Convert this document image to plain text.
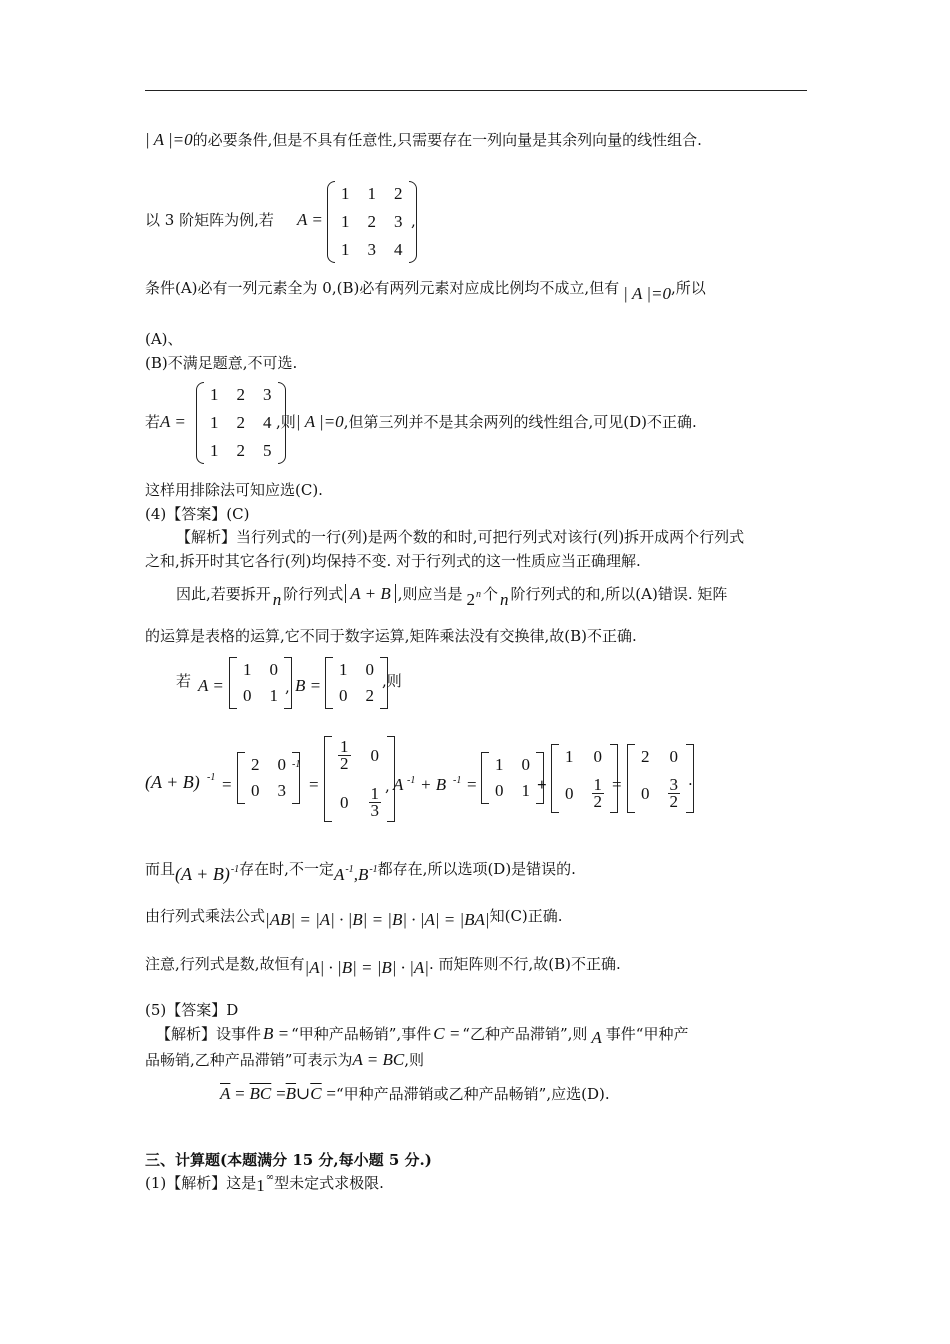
| A |=0的必要条件,但是不具有任意性,只需要存在一列向量是其余列向量的线性组合.
以 3 阶矩阵为例,若 A =
1 1 2
1 2 3
1 3 4
,
条件(A)必有一列元素全为 0,(B)必有两列元素对应成比例均不成立,但有 | A |=0,所以
(A)、
(B)不满足题意,不可选.
若A =
1 2 3
1 2 4
1 2 5
,则| A |=0,但第三列并不是其余两列的线性组合,可见(D)不正确.
这样用排除法可知应选(C).
(4)【答案】(C)
【解析】当行列式的一行(列)是两个数的和时,可把行列式对该行(列)拆开成两个行列式
之和,拆开时其它各行(列)均保持不变. 对于行列式的这一性质应当正确理解.
因此,若要拆开 n 阶行列式 A + B ,则应当是 2n 个 n 阶行列式的和,所以(A)错误. 矩阵
的运算是表格的运算,它不同于数字运算,矩阵乘法没有交换律,故(B)不正确.
若 A =
1 0
0 1 , B =
1 0
0 2
,则
(A + B) -1 =
2 0
0 3
-1
=
$\frac{1}{2} 0$
$0 \frac{1}{3}$ , A -1 + B -1 =
1 0
0 1 +
1 0
$0 \frac{1}{2}$ =
2 0
$0 \frac{3}{2}$ .
而且(A + B)-1存在时,不一定A-1,B-1都存在,所以选项(D)是错误的.
由行列式乘法公式|AB| = |A| · |B| = |B| · |A| = |BA|知(C)正确.
注意,行列式是数,故恒有|A| · |B| = |B| · |A|. 而矩阵则不行,故(B)不正确.
(5)【答案】D
【解析】设事件 B = “甲种产品畅销”,事件 C = “乙种产品滞销”,则 A 事件“甲种产
品畅销,乙种产品滞销”可表示为A = BC,则
$\overline{A} = \overline{BC}$ $=\overline{B}\cup\overline{C}$ =“甲种产品滞销或乙种产品畅销”,应选(D).
三、计算题(本题满分 15 分,每小题 5 分.)
(1)【解析】这是1∞型未定式求极限.
